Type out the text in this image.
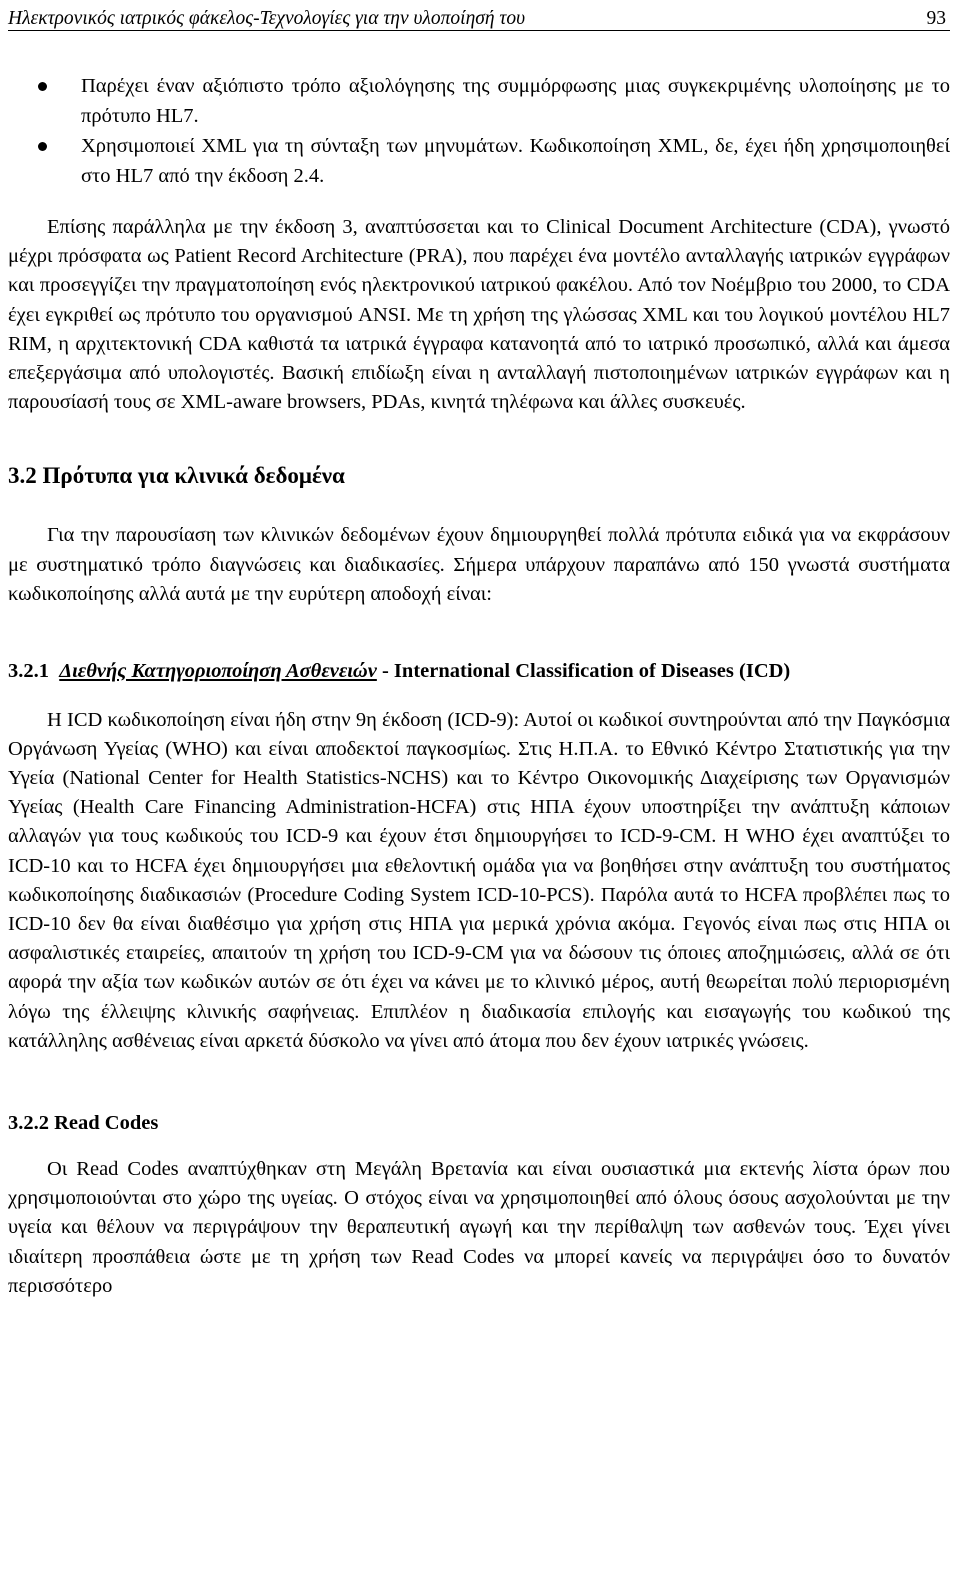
Ηλεκτρονικός ιατρικός φάκελος-Τεχνολογίες για την υλοποίησή του	93
Παρέχει έναν αξιόπιστο τρόπο αξιολόγησης της συμμόρφωσης μιας συγκεκριμένης υλοποίησης με το πρότυπο HL7.
Χρησιμοποιεί XML για τη σύνταξη των μηνυμάτων. Κωδικοποίηση XML, δε, έχει ήδη χρησιμοποιηθεί στο HL7 από την έκδοση 2.4.

Επίσης παράλληλα με την έκδοση 3, αναπτύσσεται και το Clinical Document Architecture (CDA), γνωστό μέχρι πρόσφατα ως Patient Record Architecture (PRA), που παρέχει ένα μοντέλο ανταλλαγής ιατρικών εγγράφων και προσεγγίζει την πραγματοποίηση ενός ηλεκτρονικού ιατρικού φακέλου. Από τον Νοέμβριο του 2000, το CDA έχει εγκριθεί ως πρότυπο του οργανισμού ANSI. Με τη χρήση της γλώσσας XML και του λογικού μοντέλου HL7 RIM, η αρχιτεκτονική CDA καθιστά τα ιατρικά έγγραφα κατανοητά από το ιατρικό προσωπικό, αλλά και άμεσα επεξεργάσιμα από υπολογιστές. Βασική επιδίωξη είναι η ανταλλαγή πιστοποιημένων ιατρικών εγγράφων και η παρουσίασή τους σε XML-aware browsers, PDAs, κινητά τηλέφωνα και άλλες συσκευές.

3.2 Πρότυπα για κλινικά δεδομένα

Για την παρουσίαση των κλινικών δεδομένων έχουν δημιουργηθεί πολλά πρότυπα ειδικά για να εκφράσουν με συστηματικό τρόπο διαγνώσεις και διαδικασίες. Σήμερα υπάρχουν παραπάνω από 150 γνωστά συστήματα κωδικοποίησης αλλά αυτά με την ευρύτερη αποδοχή είναι:

3.2.1 Διεθνής Κατηγοριοποίηση Ασθενειών - International Classification of Diseases (ICD)

Η ICD κωδικοποίηση είναι ήδη στην 9η έκδοση (ICD-9): Αυτοί οι κωδικοί συντηρούνται από την Παγκόσμια Οργάνωση Υγείας (WHO) και είναι αποδεκτοί παγκοσμίως. Στις Η.Π.Α. το Εθνικό Κέντρο Στατιστικής για την Υγεία (National Center for Health Statistics-NCHS) και το Κέντρο Οικονομικής Διαχείρισης των Οργανισμών Υγείας (Health Care Financing Administration-HCFA) στις ΗΠΑ έχουν υποστηρίξει την ανάπτυξη κάποιων αλλαγών για τους κωδικούς του ICD-9 και έχουν έτσι δημιουργήσει το ICD-9-CM. Η WHO έχει αναπτύξει το ICD-10 και το HCFA έχει δημιουργήσει μια εθελοντική ομάδα για να βοηθήσει στην ανάπτυξη του συστήματος κωδικοποίησης διαδικασιών (Procedure Coding System ICD-10-PCS). Παρόλα αυτά το HCFA προβλέπει πως το ICD-10 δεν θα είναι διαθέσιμο για χρήση στις ΗΠΑ για μερικά χρόνια ακόμα. Γεγονός είναι πως στις ΗΠΑ οι ασφαλιστικές εταιρείες, απαιτούν τη χρήση του ICD-9-CM για να δώσουν τις όποιες αποζημιώσεις, αλλά σε ότι αφορά την αξία των κωδικών αυτών σε ότι έχει να κάνει με το κλινικό μέρος, αυτή θεωρείται πολύ περιορισμένη λόγω της έλλειψης κλινικής σαφήνειας. Επιπλέον η διαδικασία επιλογής και εισαγωγής του κωδικού της κατάλληλης ασθένειας είναι αρκετά δύσκολο να γίνει από άτομα που δεν έχουν ιατρικές γνώσεις.

3.2.2 Read Codes

Οι Read Codes αναπτύχθηκαν στη Μεγάλη Βρετανία και είναι ουσιαστικά μια εκτενής λίστα όρων που χρησιμοποιούνται στο χώρο της υγείας. Ο στόχος είναι να χρησιμοποιηθεί από όλους όσους ασχολούνται με την υγεία και θέλουν να περιγράψουν την θεραπευτική αγωγή και την περίθαλψη των ασθενών τους. Έχει γίνει ιδιαίτερη προσπάθεια ώστε με τη χρήση των Read Codes να μπορεί κανείς να περιγράψει όσο το δυνατόν περισσότερο
